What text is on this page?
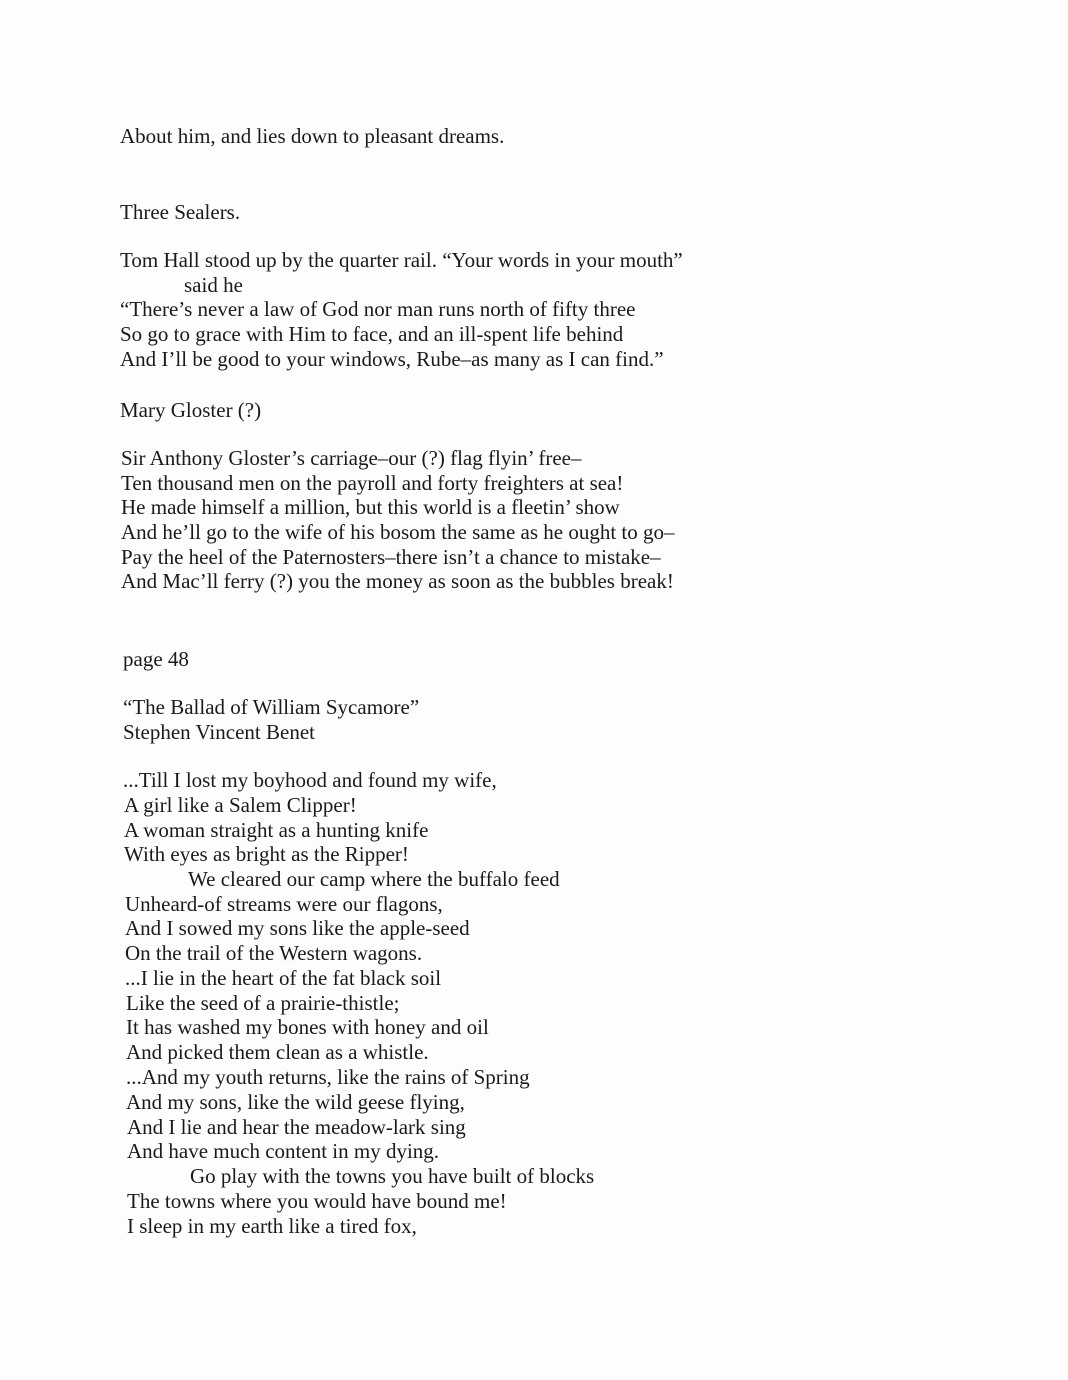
About him, and lies down to pleasant dreams.
Three Sealers.
Tom Hall stood up by the quarter rail. “Your words in your mouth”
said he
“There’s never a law of God nor man runs north of fifty three
So go to grace with Him to face, and an ill-spent life behind
And I’ll be good to your windows, Rube–as many as I can find.”
Mary Gloster (?)
Sir Anthony Gloster’s carriage–our (?) flag flyin’ free–
Ten thousand men on the payroll and forty freighters at sea!
He made himself a million, but this world is a fleetin’ show
And he’ll go to the wife of his bosom the same as he ought to go–
Pay the heel of the Paternosters–there isn’t a chance to mistake–
And Mac’ll ferry (?) you the money as soon as the bubbles break!
page 48
“The Ballad of William Sycamore”
Stephen Vincent Benet
...Till I lost my boyhood and found my wife,
A girl like a Salem Clipper!
A woman straight as a hunting knife
With eyes as bright as the Ripper!
We cleared our camp where the buffalo feed
Unheard-of streams were our flagons,
And I sowed my sons like the apple-seed
On the trail of the Western wagons.
...I lie in the heart of the fat black soil
Like the seed of a prairie-thistle;
It has washed my bones with honey and oil
And picked them clean as a whistle.
...And my youth returns, like the rains of Spring
And my sons, like the wild geese flying,
And I lie and hear the meadow-lark sing
And have much content in my dying.
Go play with the towns you have built of blocks
The towns where you would have bound me!
I sleep in my earth like a tired fox,
